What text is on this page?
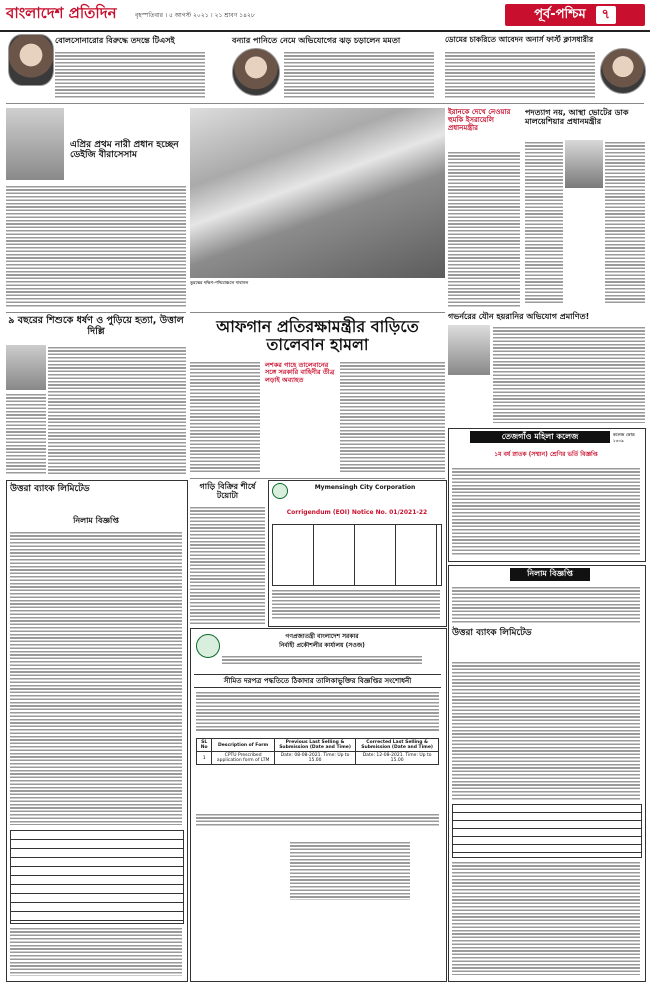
বাংলাদেশ প্রতিদিন	বৃহস্পতিবার । ৫ আগস্ট ২০২১ । ২১ শ্রাবণ ১৪২৮	পূর্ব-পশ্চিম	৭
বোলসোনারোর বিরুদ্ধে তদন্তে টিএসই	বন্যার পানিতে নেমে অভিযোগের ঝড় চড়ালেন মমতা	ডোমের চাকরিতে আবেদন অনার্স ফার্স্ট ক্লাসধারীর
এপ্রির প্রথম নারী প্রধান হচ্ছেন ডেইজি বীরাসেসাম
তুরস্কের দক্ষিণ-পশ্চিমাঞ্চলে দাবানল
ইরানকে দেখে নেওয়ার হুমকি ইসরায়েলি প্রধানমন্ত্রীর
পদত্যাগ নয়, আস্থা ভোটের ডাক মালয়েশিয়ার প্রধানমন্ত্রীর
৯ বছরের শিশুকে ধর্ষণ ও পুড়িয়ে হত্যা, উত্তাল দিল্লি	আফগান প্রতিরক্ষামন্ত্রীর বাড়িতে তালেবান হামলা
লশকর গাহে তালেবানের সঙ্গে সরকারি বাহিনীর তীব্র লড়াই অব্যাহত
গভর্নরের যৌন হয়রানির অভিযোগ প্রমাণিত!
তেজগাঁও মহিলা কলেজ	কলেজ কোড ১৩০৯
১ম বর্ষ স্নাতক (সম্মান) শ্রেণির ভর্তি বিজ্ঞপ্তি
গাড়ি বিক্রির শীর্ষে টয়োটা
উত্তরা ব্যাংক লিমিটেড
নিলাম বিজ্ঞপ্তি
Mymensingh City Corporation
Corrigendum (EOI) Notice No. 01/2021-22
নিলাম বিজ্ঞপ্তি
উত্তরা ব্যাংক লিমিটেড
গণপ্রজাতন্ত্রী বাংলাদেশ সরকার
নির্বাহী প্রকৌশলীর কার্যালয় (সওজ)
সীমিত দরপত্র পদ্ধতিতে ঠিকাদার তালিকাভুক্তির বিজ্ঞপ্তির সংশোধনী
SL No	Description of Form	Previous Last Selling & Submission (Date and Time)	Corrected Last Selling & Submission (Date and Time)
1	CPTU Prescribed application form of LTM	Date: 08-08-2021. Time: Up to 15.00	Date: 12-08-2021. Time: Up to 15.00
